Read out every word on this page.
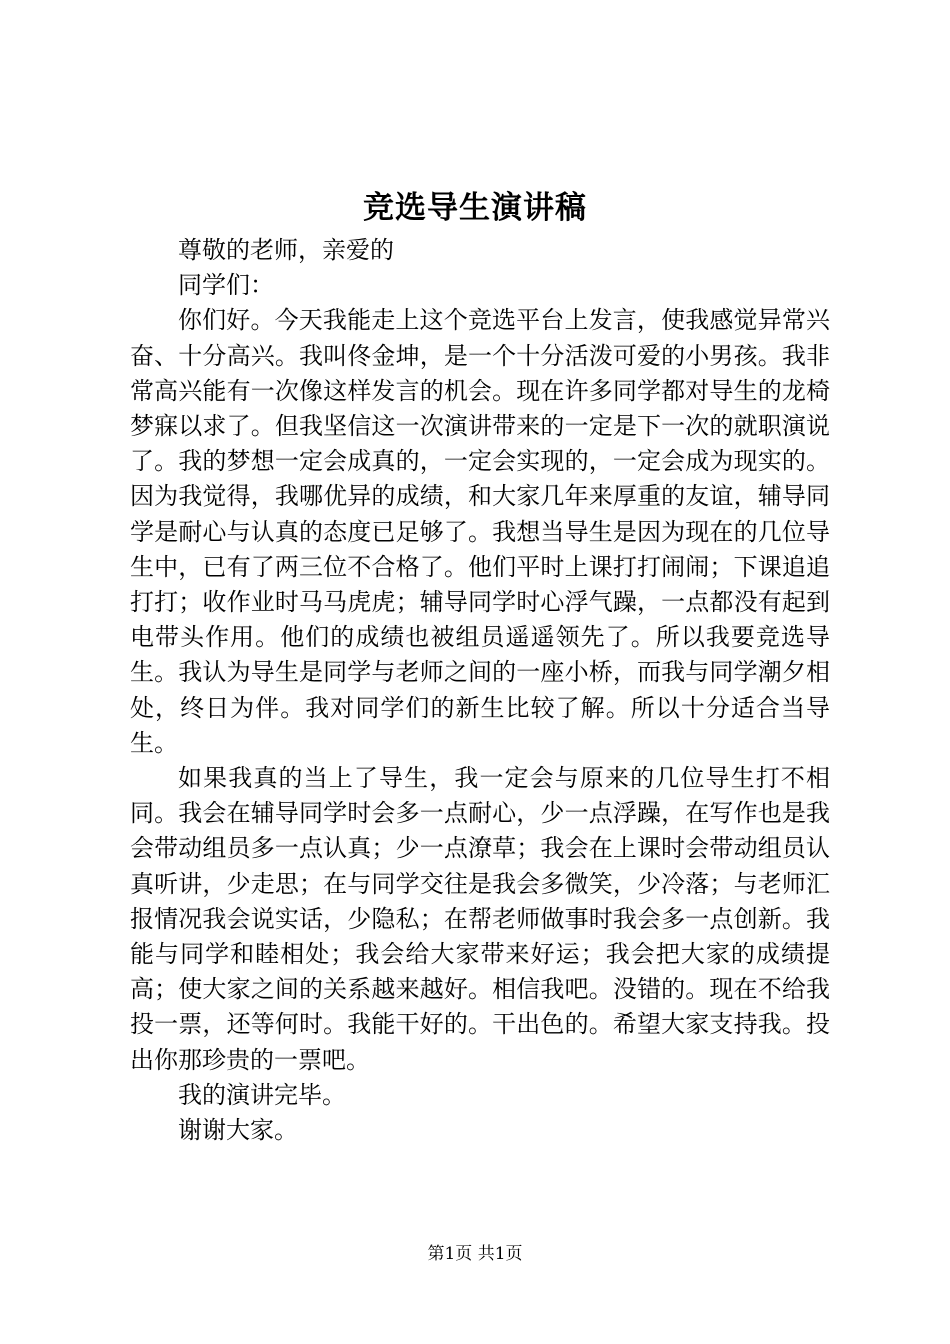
竞选导生演讲稿

尊敬的老师，亲爱的

同学们：

你们好。今天我能走上这个竞选平台上发言，使我感觉异常兴奋、十分高兴。我叫佟金坤，是一个十分活泼可爱的小男孩。我非常高兴能有一次像这样发言的机会。现在许多同学都对导生的龙椅梦寐以求了。但我坚信这一次演讲带来的一定是下一次的就职演说了。我的梦想一定会成真的，一定会实现的，一定会成为现实的。因为我觉得，我哪优异的成绩，和大家几年来厚重的友谊，辅导同学是耐心与认真的态度已足够了。我想当导生是因为现在的几位导生中，已有了两三位不合格了。他们平时上课打打闹闹；下课追追打打；收作业时马马虎虎；辅导同学时心浮气躁，一点都没有起到电带头作用。他们的成绩也被组员遥遥领先了。所以我要竞选导生。我认为导生是同学与老师之间的一座小桥，而我与同学潮夕相处，终日为伴。我对同学们的新生比较了解。所以十分适合当导生。

如果我真的当上了导生，我一定会与原来的几位导生打不相同。我会在辅导同学时会多一点耐心，少一点浮躁，在写作也是我会带动组员多一点认真；少一点潦草；我会在上课时会带动组员认真听讲，少走思；在与同学交往是我会多微笑，少冷落；与老师汇报情况我会说实话，少隐私；在帮老师做事时我会多一点创新。我能与同学和睦相处；我会给大家带来好运；我会把大家的成绩提高；使大家之间的关系越来越好。相信我吧。没错的。现在不给我投一票，还等何时。我能干好的。干出色的。希望大家支持我。投出你那珍贵的一票吧。

我的演讲完毕。

谢谢大家。

第1页 共1页
